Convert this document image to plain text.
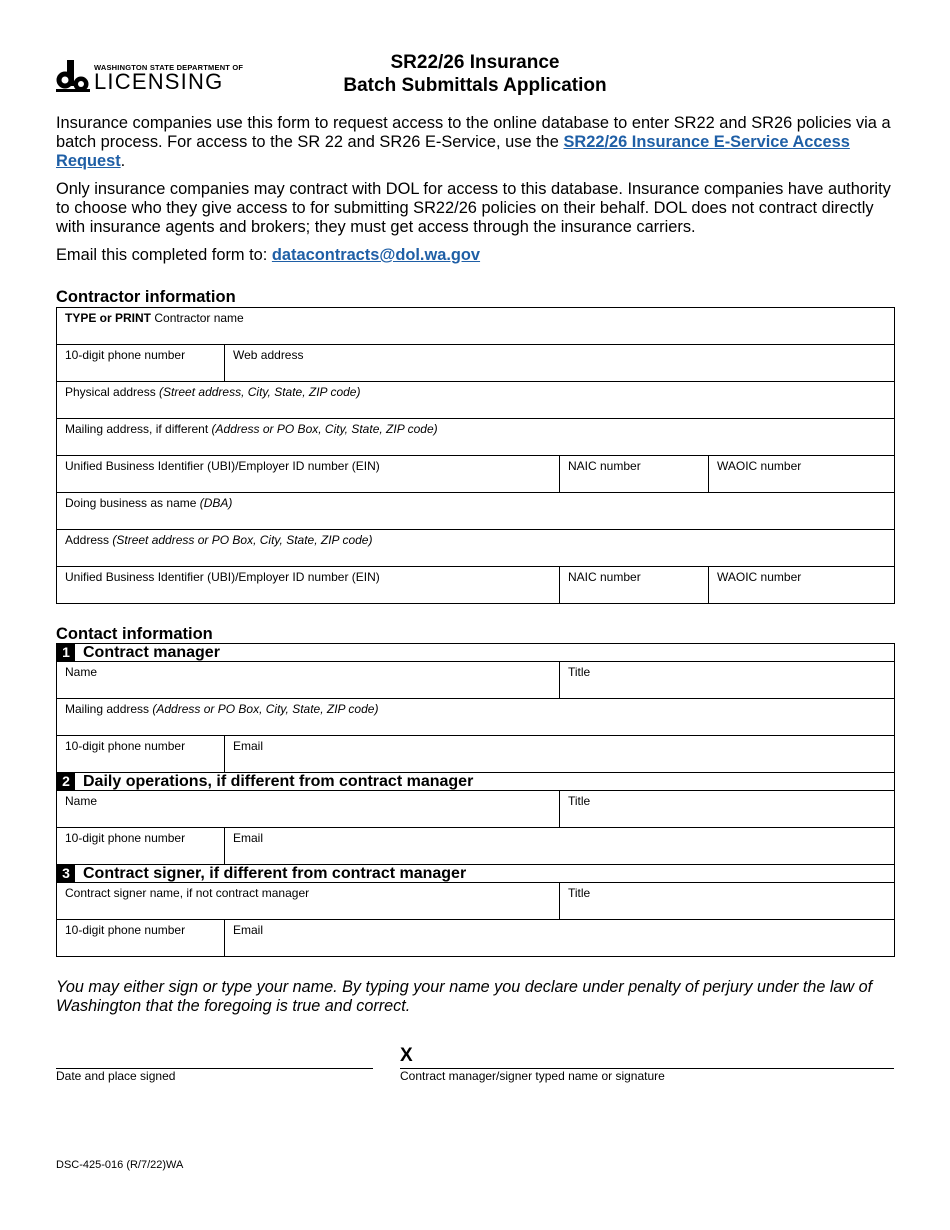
WASHINGTON STATE DEPARTMENT OF
LICENSING
SR22/26 Insurance
Batch Submittals Application

Insurance companies use this form to request access to the online database to enter SR22 and SR26 policies via a batch process. For access to the SR 22 and SR26 E-Service, use the SR22/26 Insurance E-Service Access Request.

Only insurance companies may contract with DOL for access to this database. Insurance companies have authority to choose who they give access to for submitting SR22/26 policies on their behalf. DOL does not contract directly with insurance agents and brokers; they must get access through the insurance carriers.

Email this completed form to: datacontracts@dol.wa.gov

Contractor information
TYPE or PRINT Contractor name			
10-digit phone number	Web address		
Physical address (Street address, City, State, ZIP code)			
Mailing address, if different (Address or PO Box, City, State, ZIP code)			
Unified Business Identifier (UBI)/Employer ID number (EIN)		NAIC number	WAOIC number
Doing business as name (DBA)			
Address (Street address or PO Box, City, State, ZIP code)			
Unified Business Identifier (UBI)/Employer ID number (EIN)		NAIC number	WAOIC number
Contact information
1 Contract manager		
Name		Title
Mailing address (Address or PO Box, City, State, ZIP code)		
10-digit phone number	Email	
2 Daily operations, if different from contract manager		
Name		Title
10-digit phone number	Email	
3 Contract signer, if different from contract manager		
Contract signer name, if not contract manager		Title
10-digit phone number	Email	
You may either sign or type your name. By typing your name you declare under penalty of perjury under the law of Washington that the foregoing is true and correct.
Date and place signed
X
Contract manager/signer typed name or signature
DSC-425-016 (R/7/22)WA
